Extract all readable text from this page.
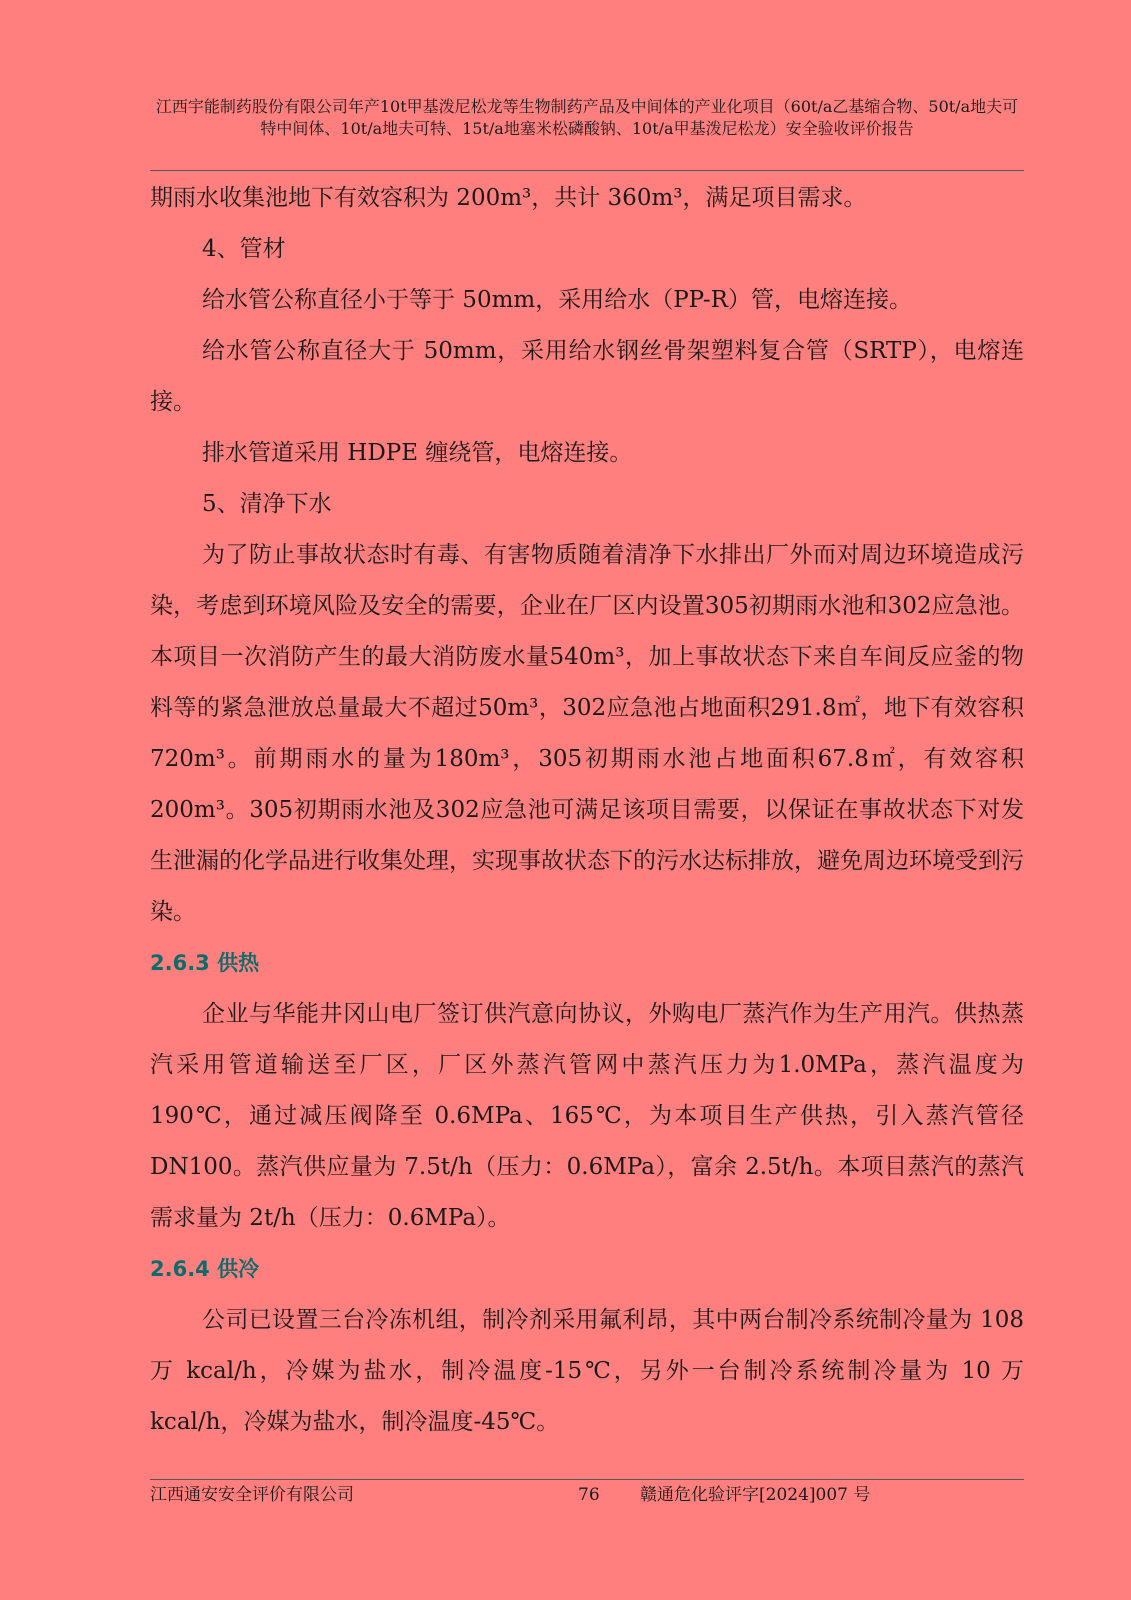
江西宇能制药股份有限公司年产10t甲基泼尼松龙等生物制药产品及中间体的产业化项目（60t/a乙基缩合物、50t/a地夫可特中间体、10t/a地夫可特、15t/a地塞米松磷酸钠、10t/a甲基泼尼松龙）安全验收评价报告

期雨水收集池地下有效容积为 200m³，共计 360m³，满足项目需求。

4、管材

给水管公称直径小于等于 50mm，采用给水（PP-R）管，电熔连接。

给水管公称直径大于 50mm，采用给水钢丝骨架塑料复合管（SRTP），电熔连接。

排水管道采用 HDPE 缠绕管，电熔连接。

5、清净下水

为了防止事故状态时有毒、有害物质随着清净下水排出厂外而对周边环境造成污染，考虑到环境风险及安全的需要，企业在厂区内设置305初期雨水池和302应急池。本项目一次消防产生的最大消防废水量540m³，加上事故状态下来自车间反应釜的物料等的紧急泄放总量最大不超过50m³，302应急池占地面积291.8㎡，地下有效容积720m³。前期雨水的量为180m³，305初期雨水池占地面积67.8㎡，有效容积200m³。305初期雨水池及302应急池可满足该项目需要，以保证在事故状态下对发生泄漏的化学品进行收集处理，实现事故状态下的污水达标排放，避免周边环境受到污染。

2.6.3 供热

企业与华能井冈山电厂签订供汽意向协议，外购电厂蒸汽作为生产用汽。供热蒸汽采用管道输送至厂区，厂区外蒸汽管网中蒸汽压力为1.0MPa，蒸汽温度为 190℃，通过减压阀降至 0.6MPa、165℃，为本项目生产供热，引入蒸汽管径 DN100。蒸汽供应量为 7.5t/h（压力：0.6MPa），富余 2.5t/h。本项目蒸汽的蒸汽需求量为 2t/h（压力：0.6MPa）。

2.6.4 供冷

公司已设置三台冷冻机组，制冷剂采用氟利昂，其中两台制冷系统制冷量为 108 万 kcal/h，冷媒为盐水，制冷温度-15℃，另外一台制冷系统制冷量为 10 万 kcal/h，冷媒为盐水，制冷温度-45℃。

江西通安安全评价有限公司	76 赣通危化验评字[2024]007 号
